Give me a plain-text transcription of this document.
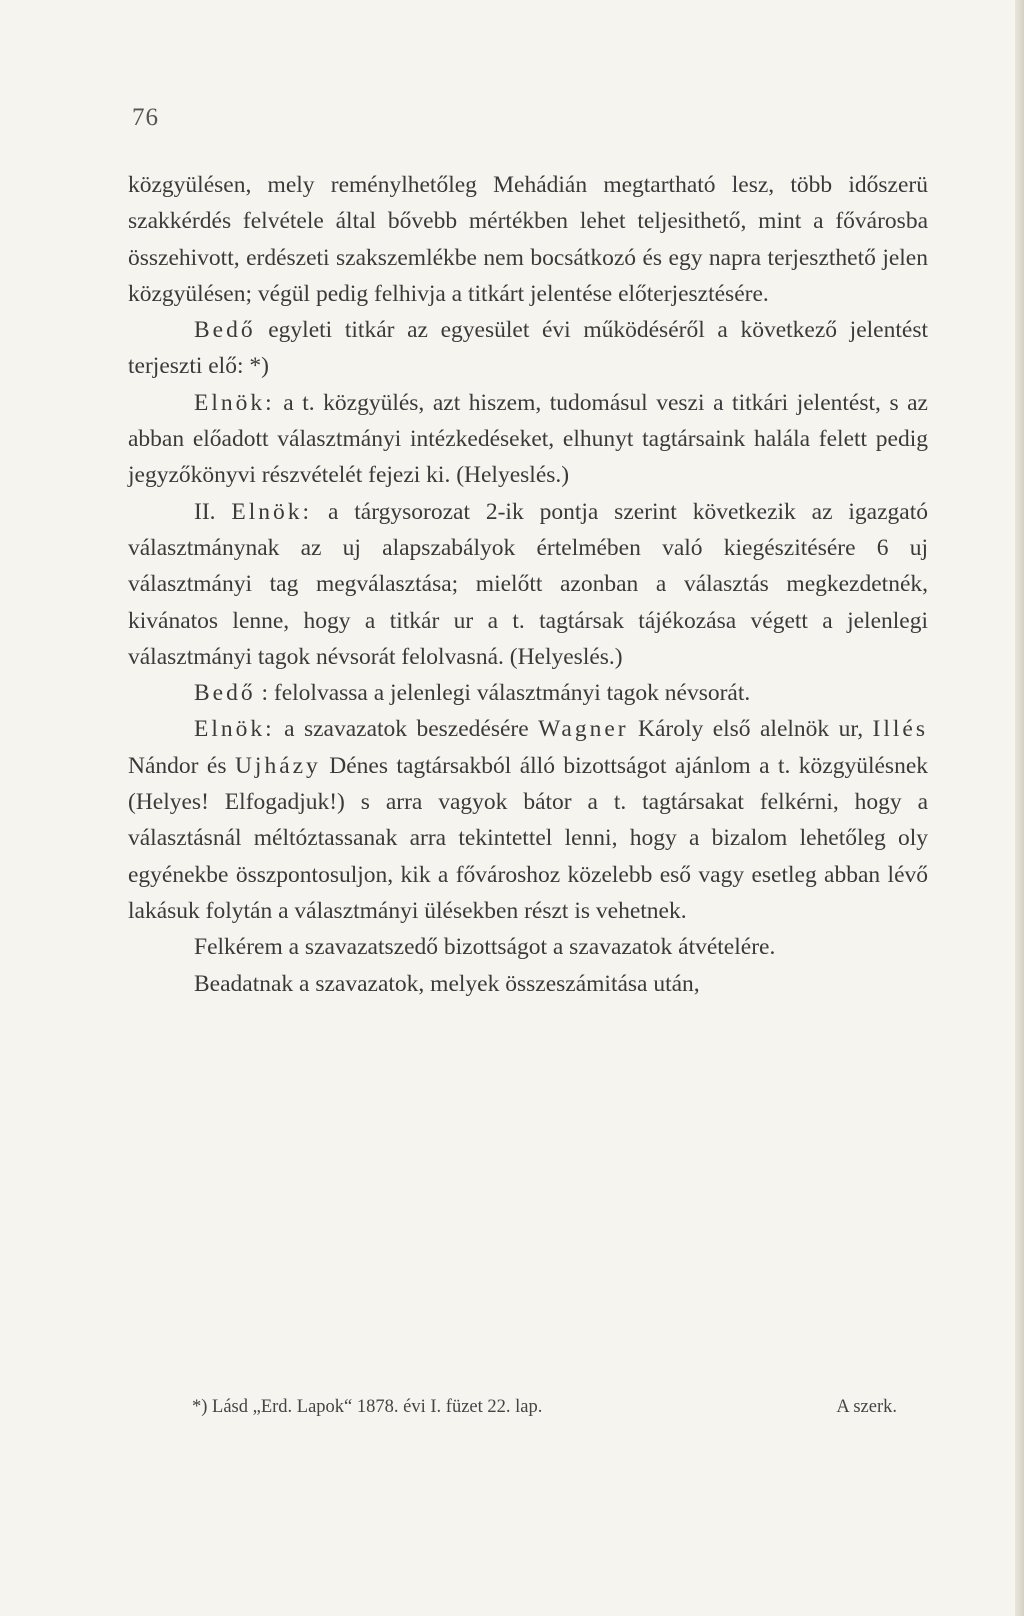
76

közgyülésen, mely reménylhetőleg Mehádián megtartható lesz, több időszerü szakkérdés felvétele által bővebb mértékben lehet teljesithető, mint a fővárosba összehivott, erdészeti szakszemlékbe nem bocsátkozó és egy napra terjeszthető jelen közgyülésen; végül pedig felhivja a titkárt jelentése előterjesztésére.

Bedő egyleti titkár az egyesület évi működéséről a következő jelentést terjeszti elő: *)

Elnök: a t. közgyülés, azt hiszem, tudomásul veszi a titkári jelentést, s az abban előadott választmányi intézkedéseket, elhunyt tagtársaink halála felett pedig jegyzőkönyvi részvételét fejezi ki. (Helyeslés.)

II. Elnök: a tárgysorozat 2-ik pontja szerint következik az igazgató választmánynak az uj alapszabályok értelmében való kiegészitésére 6 uj választmányi tag megválasztása; mielőtt azonban a választás megkezdetnék, kivánatos lenne, hogy a titkár ur a t. tagtársak tájékozása végett a jelenlegi választmányi tagok névsorát felolvasná. (Helyeslés.)

Bedő : felolvassa a jelenlegi választmányi tagok névsorát.

Elnök: a szavazatok beszedésére Wagner Károly első alelnök ur, Illés Nándor és Ujházy Dénes tagtársakból álló bizottságot ajánlom a t. közgyülésnek (Helyes! Elfogadjuk!) s arra vagyok bátor a t. tagtársakat felkérni, hogy a választásnál méltóztassanak arra tekintettel lenni, hogy a bizalom lehetőleg oly egyénekbe összpontosuljon, kik a fővároshoz közelebb eső vagy esetleg abban lévő lakásuk folytán a választmányi ülésekben részt is vehetnek.

Felkérem a szavazatszedő bizottságot a szavazatok átvételére.

Beadatnak a szavazatok, melyek összeszámitása után,

*) Lásd „Erd. Lapok“ 1878. évi I. füzet 22. lap.	A szerk.
